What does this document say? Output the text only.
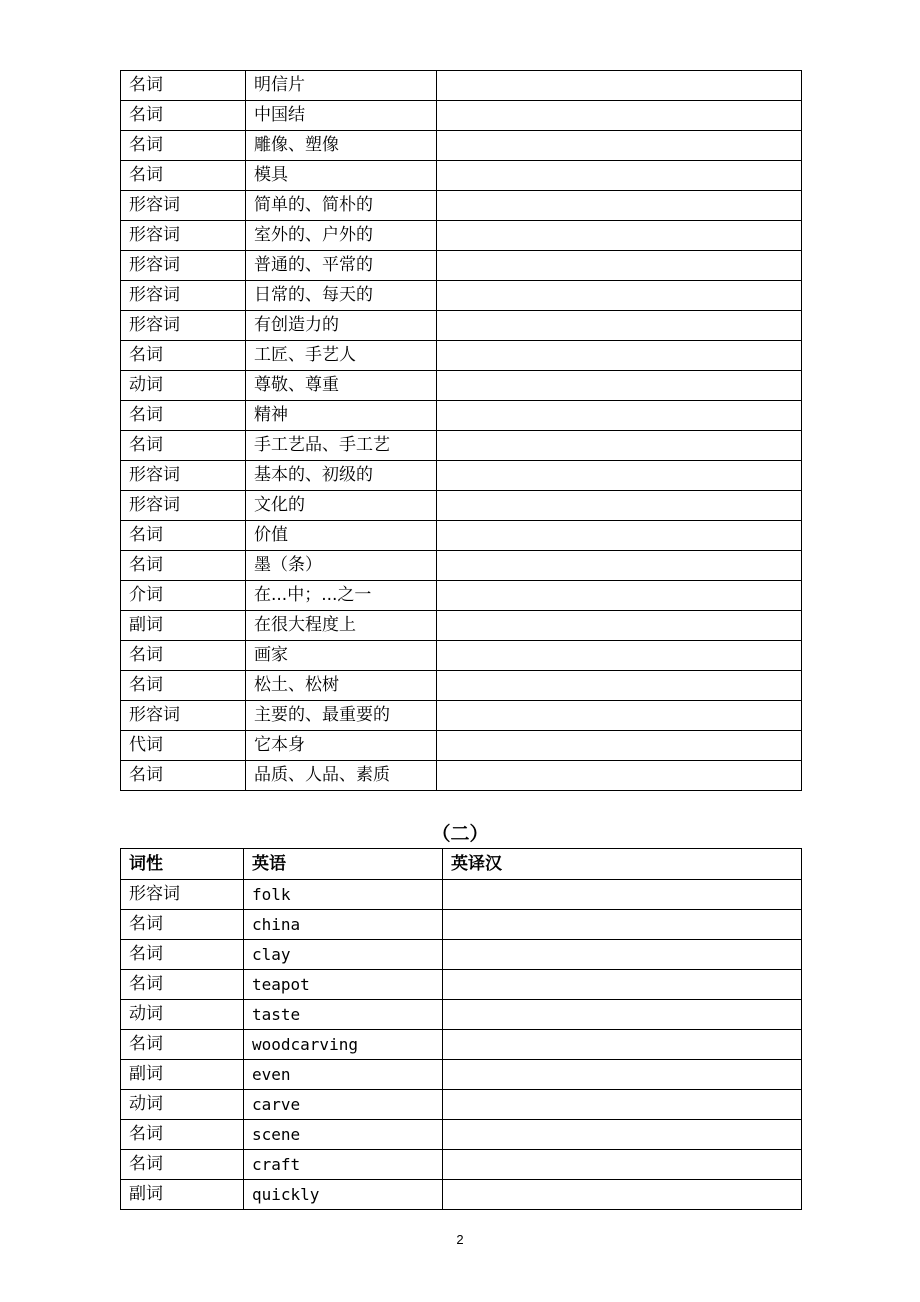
名词	明信片	
名词	中国结	
名词	雕像、塑像	
名词	模具	
形容词	简单的、简朴的	
形容词	室外的、户外的	
形容词	普通的、平常的	
形容词	日常的、每天的	
形容词	有创造力的	
名词	工匠、手艺人	
动词	尊敬、尊重	
名词	精神	
名词	手工艺品、手工艺	
形容词	基本的、初级的	
形容词	文化的	
名词	价值	
名词	墨（条）	
介词	在...中；...之一	
副词	在很大程度上	
名词	画家	
名词	松土、松树	
形容词	主要的、最重要的	
代词	它本身	
名词	品质、人品、素质	
（二）
词性	英语	英译汉
形容词	folk	
名词	china	
名词	clay	
名词	teapot	
动词	taste	
名词	woodcarving	
副词	even	
动词	carve	
名词	scene	
名词	craft	
副词	quickly	
2
